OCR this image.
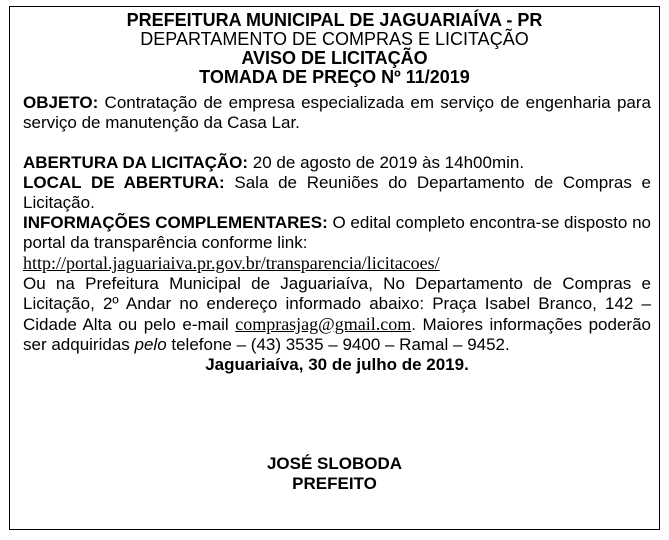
PREFEITURA MUNICIPAL DE JAGUARIAÍVA - PR
DEPARTAMENTO DE COMPRAS E LICITAÇÃO
AVISO DE LICITAÇÃO
TOMADA DE PREÇO Nº 11/2019

OBJETO: Contratação de empresa especializada em serviço de engenharia para serviço de manutenção da Casa Lar.

ABERTURA DA LICITAÇÃO: 20 de agosto de 2019 às 14h00min.

LOCAL DE ABERTURA: Sala de Reuniões do Departamento de Compras e Licitação.

INFORMAÇÕES COMPLEMENTARES: O edital completo encontra-se disposto no portal da transparência conforme link:

http://portal.jaguariaiva.pr.gov.br/transparencia/licitacoes/

Ou na Prefeitura Municipal de Jaguariaíva, No Departamento de Compras e Licitação, 2º Andar no endereço informado abaixo: Praça Isabel Branco, 142 – Cidade Alta ou pelo e-mail comprasjag@gmail.com. Maiores informações poderão ser adquiridas pelo telefone – (43) 3535 – 9400 – Ramal – 9452.

Jaguariaíva, 30 de julho de 2019.

JOSÉ SLOBODA
PREFEITO
